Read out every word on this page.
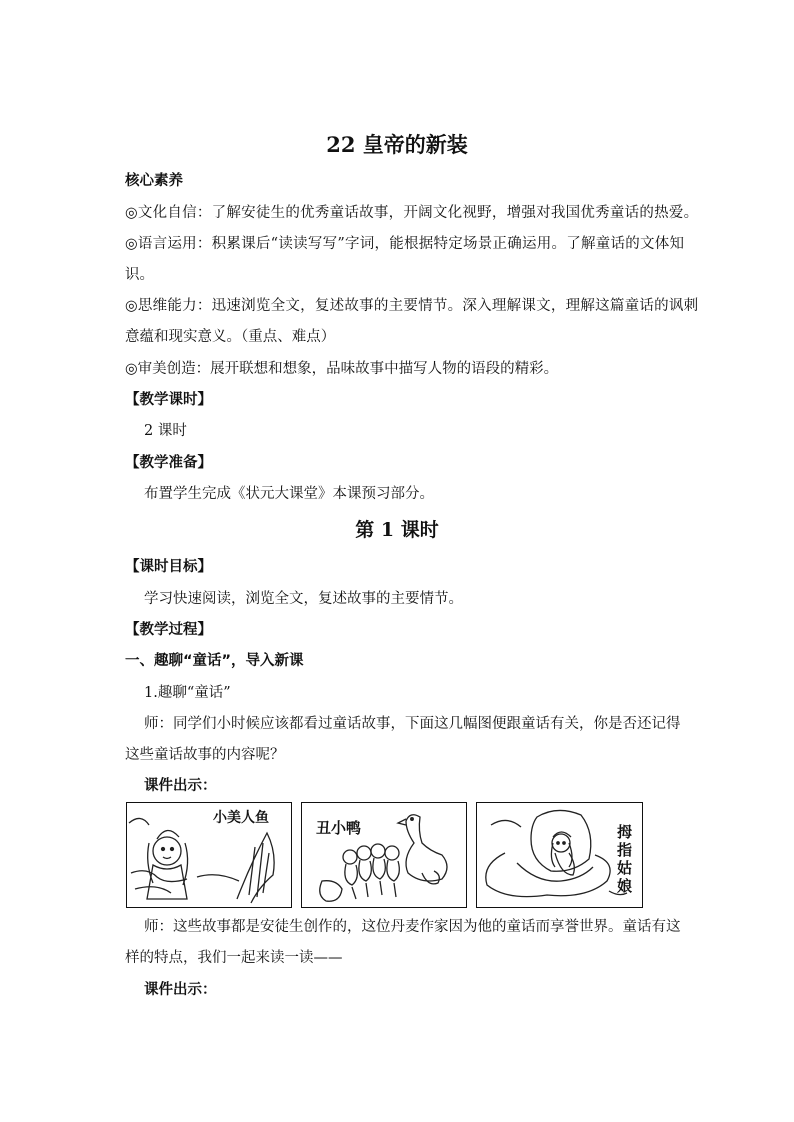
22 皇帝的新装
核心素养
◎文化自信：了解安徒生的优秀童话故事，开阔文化视野，增强对我国优秀童话的热爱。
◎语言运用：积累课后“读读写写”字词，能根据特定场景正确运用。了解童话的文体知
识。
◎思维能力：迅速浏览全文，复述故事的主要情节。深入理解课文，理解这篇童话的讽刺
意蕴和现实意义。（重点、难点）
◎审美创造：展开联想和想象，品味故事中描写人物的语段的精彩。
【教学课时】
2 课时
【教学准备】
布置学生完成《状元大课堂》本课预习部分。
第 1 课时
【课时目标】
学习快速阅读，浏览全文，复述故事的主要情节。
【教学过程】
一、趣聊“童话”，导入新课
1.趣聊“童话”
师：同学们小时候应该都看过童话故事，下面这几幅图便跟童话有关，你是否还记得
这些童话故事的内容呢？
课件出示：
小美人鱼
丑小鸭	拇指姑娘
师：这些故事都是安徒生创作的，这位丹麦作家因为他的童话而享誉世界。童话有这
样的特点，我们一起来读一读——
课件出示：
